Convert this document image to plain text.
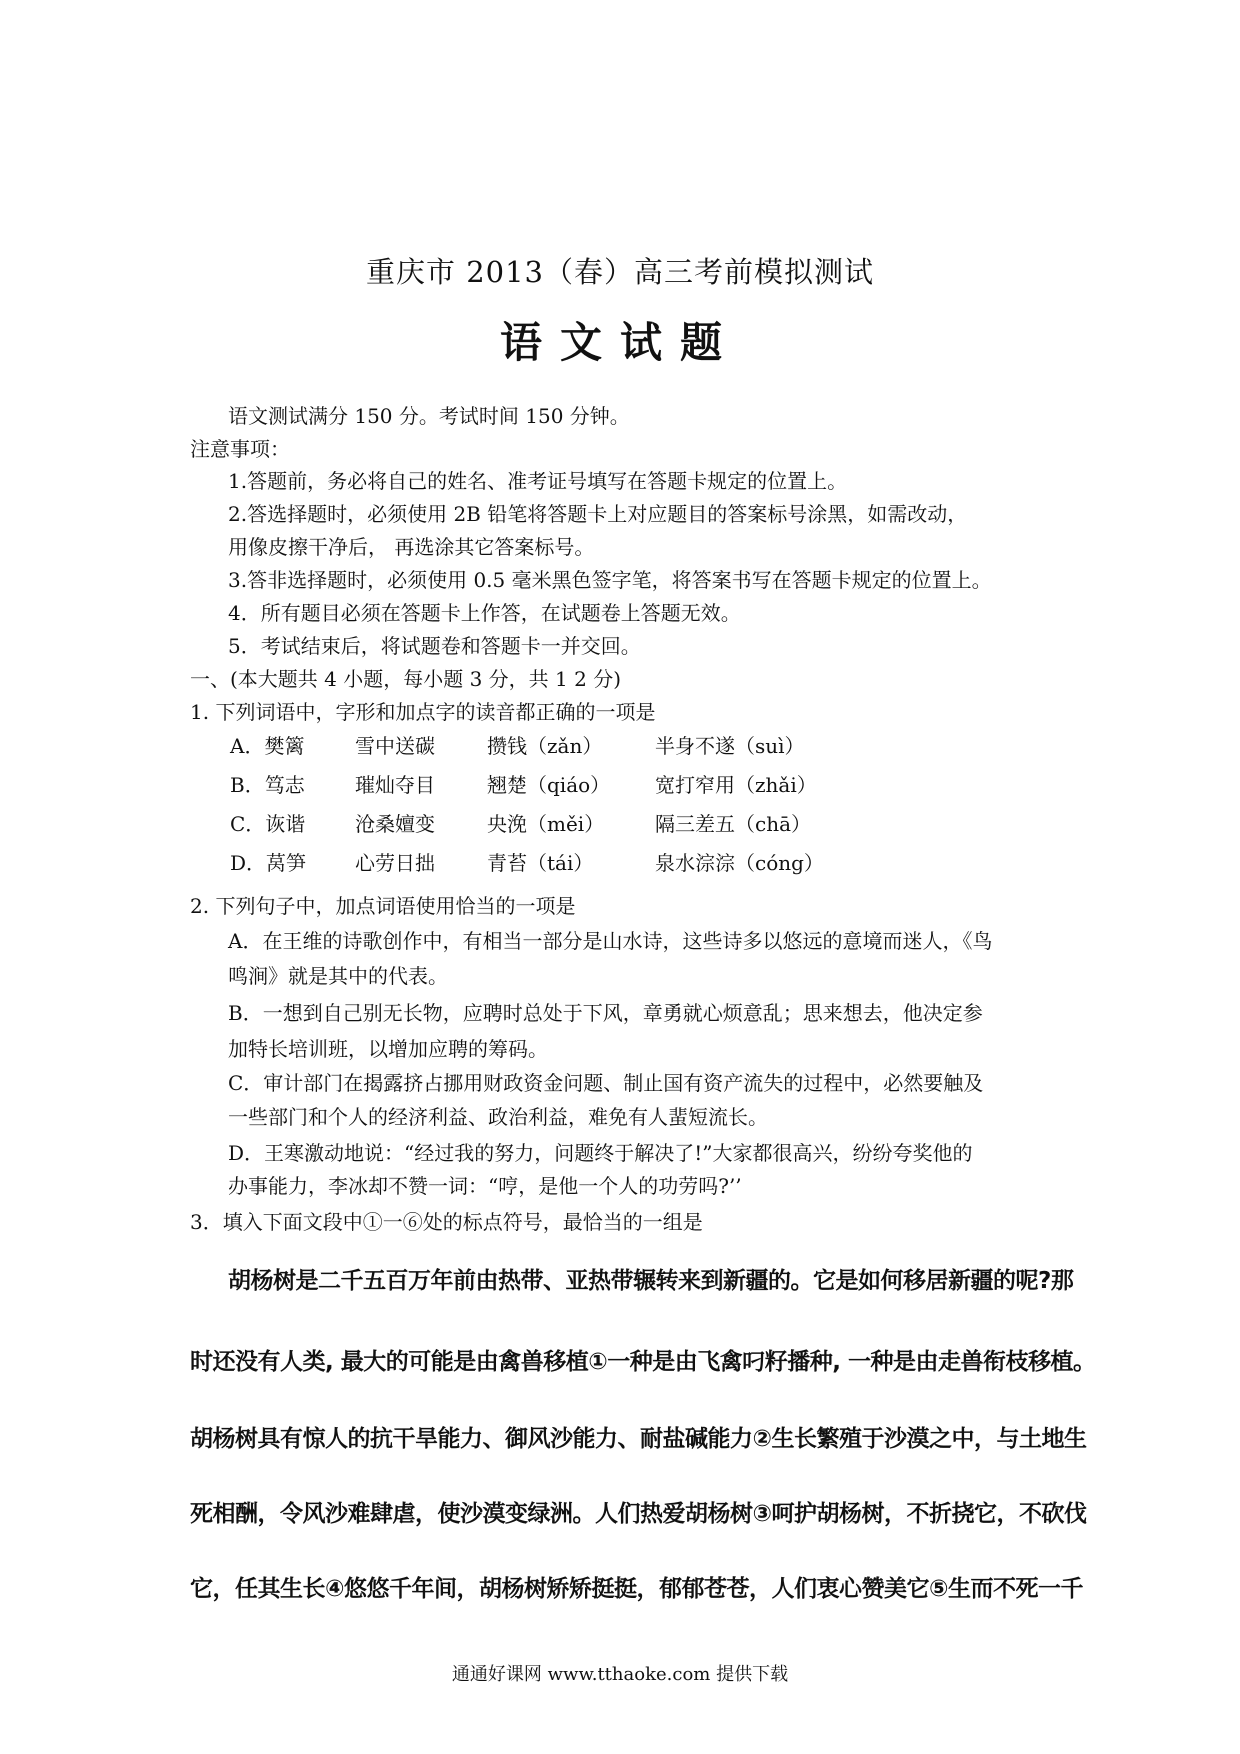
重庆市 2013（春）高三考前模拟测试
语文试题
语文测试满分 150 分。考试时间 150 分钟。
注意事项：
1.答题前，务必将自己的姓名、准考证号填写在答题卡规定的位置上。
2.答选择题时，必须使用 2B 铅笔将答题卡上对应题目的答案标号涂黑，如需改动，
用像皮擦干净后， 再选涂其它答案标号。
3.答非选择题时，必须使用 0.5 毫米黑色签字笔，将答案书写在答题卡规定的位置上。
4．所有题目必须在答题卡上作答，在试题卷上答题无效。
5．考试结束后，将试题卷和答题卡一并交回。
一、(本大题共 4 小题，每小题 3 分，共 1 2 分)
1. 下列词语中，字形和加点字的读音都正确的一项是
A．樊篱	雪中送碳	攒钱（zǎn）	半身不遂（suì）
B．笃志	璀灿夺目	翘楚（qiáo） 宽打窄用（zhǎi）
C．诙谐 沧桑嬗变	央浼（měi）	隔三差五（chā）
D．莴笋 心劳日拙	青苔（tái）	泉水淙淙（cóng）
2. 下列句子中，加点词语使用恰当的一项是
A．在王维的诗歌创作中，有相当一部分是山水诗，这些诗多以悠远的意境而迷人，《鸟
鸣涧》就是其中的代表。
B．一想到自己别无长物，应聘时总处于下风，章勇就心烦意乱；思来想去，他决定参
加特长培训班，以增加应聘的筹码。
C．审计部门在揭露挤占挪用财政资金问题、制止国有资产流失的过程中，必然要触及
一些部门和个人的经济利益、政治利益，难免有人蜚短流长。
D．王寒激动地说：“经过我的努力，问题终于解决了!”大家都很高兴，纷纷夸奖他的
办事能力，李冰却不赞一词：“哼，是他一个人的功劳吗?’’
3．填入下面文段中①一⑥处的标点符号，最恰当的一组是
胡杨树是二千五百万年前由热带、亚热带辗转来到新疆的。它是如何移居新疆的呢?那
时还没有人类, 最大的可能是由禽兽移植①一种是由飞禽叼籽播种, 一种是由走兽衔枝移植。
胡杨树具有惊人的抗干旱能力、御风沙能力、耐盐碱能力②生长繁殖于沙漠之中，与土地生
死相酬，令风沙难肆虐，使沙漠变绿洲。人们热爱胡杨树③呵护胡杨树，不折挠它，不砍伐
它，任其生长④悠悠千年间，胡杨树矫矫挺挺，郁郁苍苍，人们衷心赞美它⑤生而不死一千
通通好课网 www.tthaoke.com 提供下载
